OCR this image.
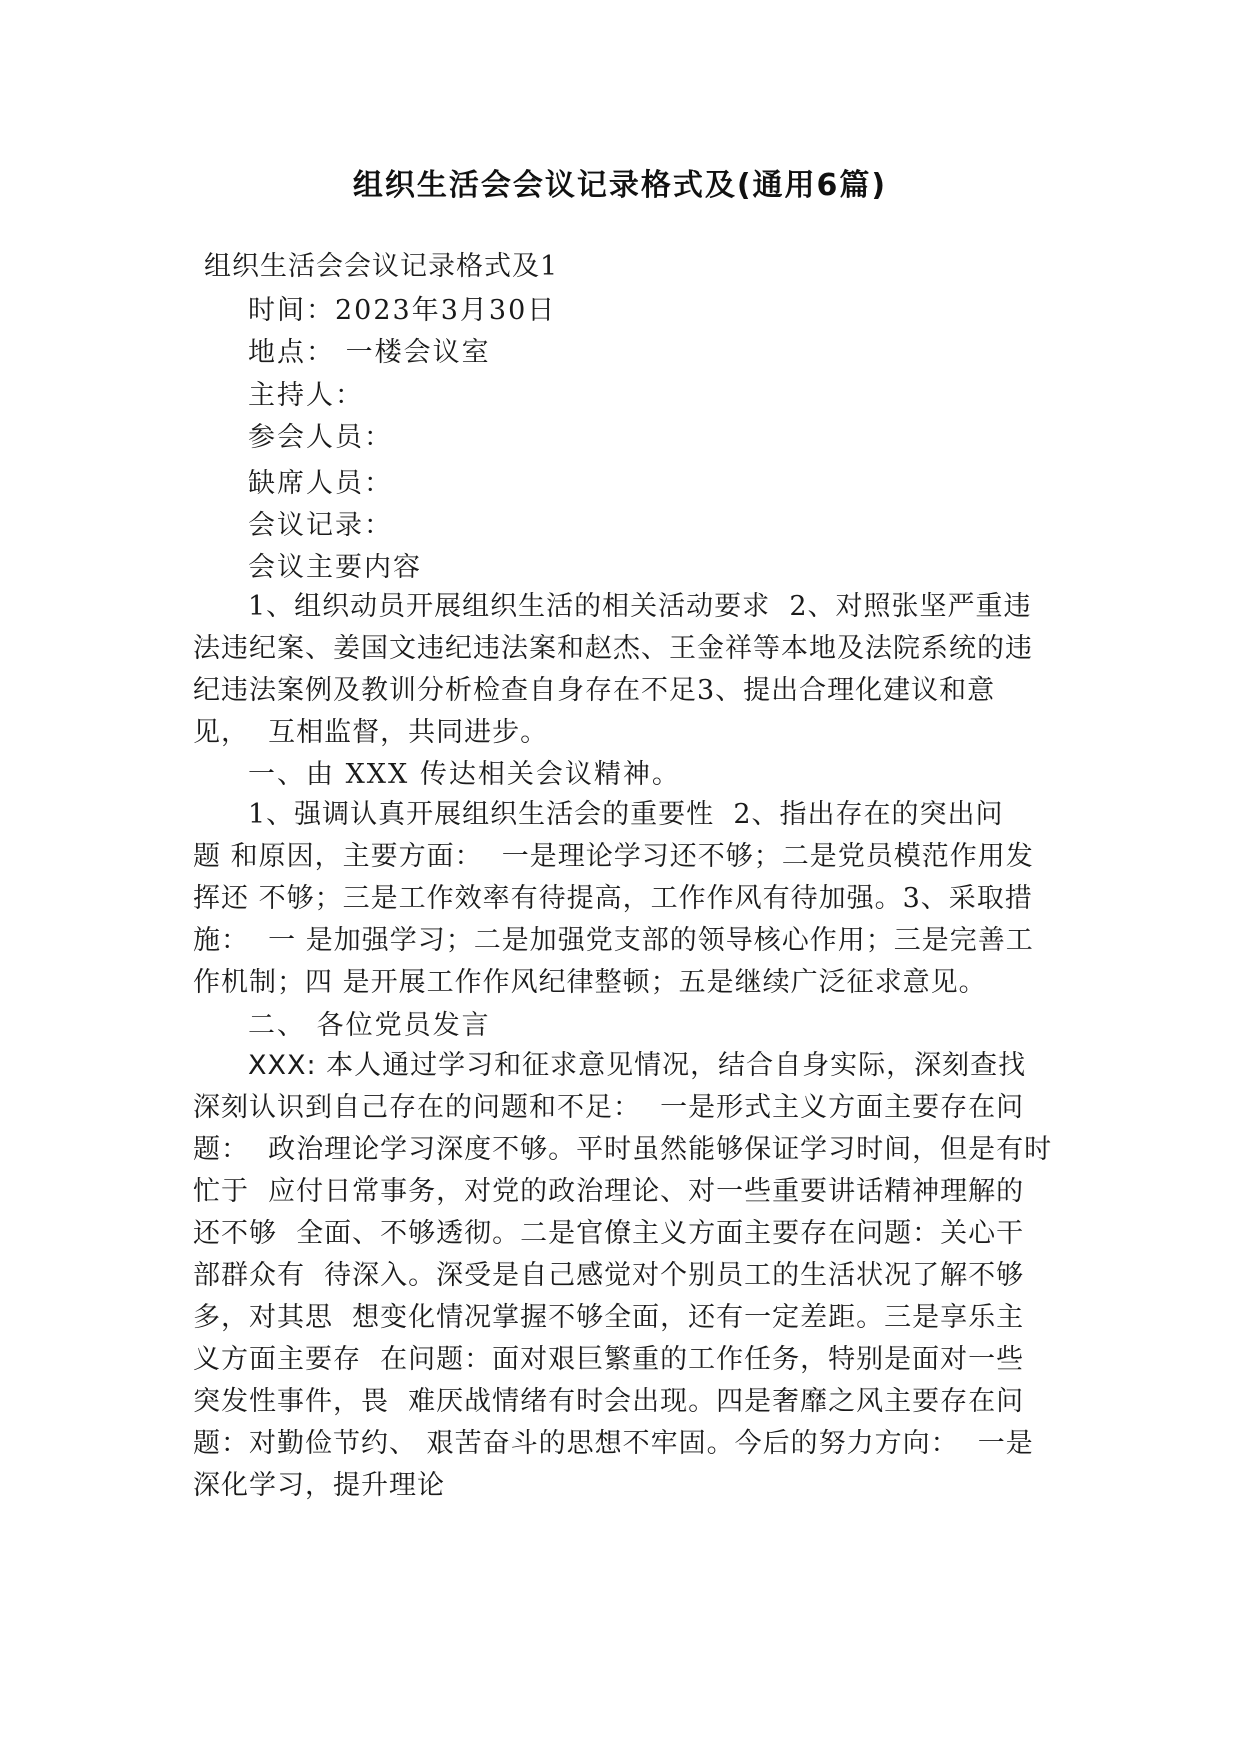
组织生活会会议记录格式及(通用6篇)
组织生活会会议记录格式及1
时间：2023年3月30日
地点： 一楼会议室
主持人：
参会人员：
缺席人员：
会议记录：
会议主要内容
1、组织动员开展组织生活的相关活动要求  2、对照张坚严重违
法违纪案、姜国文违纪违法案和赵杰、王金祥等本地及法院系统的违
纪违法案例及教训分析检查自身存在不足3、提出合理化建议和意
见，  互相监督，共同进步。
一、由 XXX 传达相关会议精神。
1、强调认真开展组织生活会的重要性  2、指出存在的突出问
题 和原因，主要方面：  一是理论学习还不够；二是党员模范作用发
挥还 不够；三是工作效率有待提高，工作作风有待加强。3、采取措
施：  一 是加强学习；二是加强党支部的领导核心作用；三是完善工
作机制；四 是开展工作作风纪律整顿；五是继续广泛征求意见。
二、 各位党员发言
XXX: 本人通过学习和征求意见情况，结合自身实际，深刻查找
深刻认识到自己存在的问题和不足：  一是形式主义方面主要存在问
题：  政治理论学习深度不够。平时虽然能够保证学习时间，但是有时
忙于  应付日常事务，对党的政治理论、对一些重要讲话精神理解的
还不够  全面、不够透彻。二是官僚主义方面主要存在问题：关心干
部群众有  待深入。深受是自己感觉对个别员工的生活状况了解不够
多，对其思  想变化情况掌握不够全面，还有一定差距。三是享乐主
义方面主要存  在问题：面对艰巨繁重的工作任务，特别是面对一些
突发性事件，畏  难厌战情绪有时会出现。四是奢靡之风主要存在问
题：对勤俭节约、 艰苦奋斗的思想不牢固。今后的努力方向：  一是
深化学习，提升理论
